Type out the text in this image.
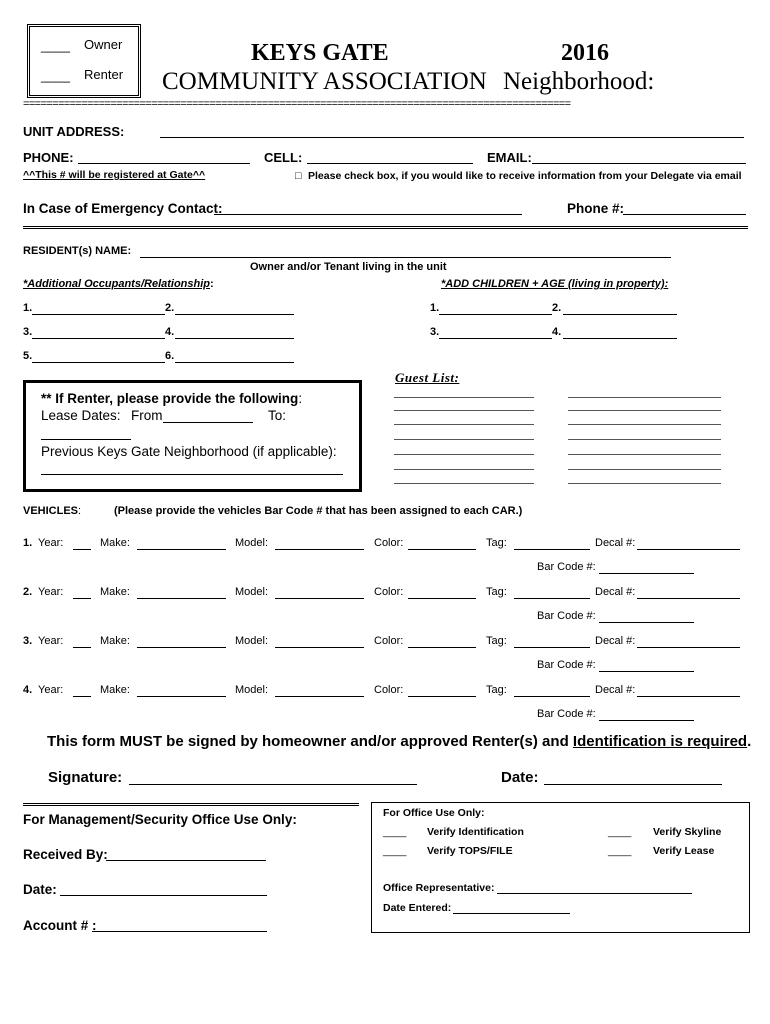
____ Owner
____ Renter
KEYS GATE	2016
COMMUNITY ASSOCIATION Neighborhood:
==============================================================================================
UNIT ADDRESS:
PHONE:	CELL:	EMAIL:
^^This # will be registered at Gate^^	□ Please check box, if you would like to receive information from your Delegate via email
In Case of Emergency Contact:	Phone #:
RESIDENT(s) NAME:
Owner and/or Tenant living in the unit
*Additional Occupants/Relationship:	*ADD CHILDREN + AGE (living in property):
1.	2.	1.	2.
3.	4.	3.	4.
5.	6.
** If Renter, please provide the following:
Lease Dates: From	To:
Previous Keys Gate Neighborhood (if applicable):
Guest List:
VEHICLES:	(Please provide the vehicles Bar Code # that has been assigned to each CAR.)
1. Year:	Make:	Model:	Color:	Tag:	Decal #:
Bar Code #:
2. Year:	Make:	Model:	Color:	Tag:	Decal #:
Bar Code #:
3. Year:	Make:	Model:	Color:	Tag:	Decal #:
Bar Code #:
4. Year:	Make:	Model:	Color:	Tag:	Decal #:
Bar Code #:
This form MUST be signed by homeowner and/or approved Renter(s) and Identification is required.
Signature:	Date:
For Management/Security Office Use Only:
Received By:
Date:
Account # :
For Office Use Only:
____ Verify Identification	____ Verify Skyline
____ Verify TOPS/FILE	____ Verify Lease
Office Representative:
Date Entered:
